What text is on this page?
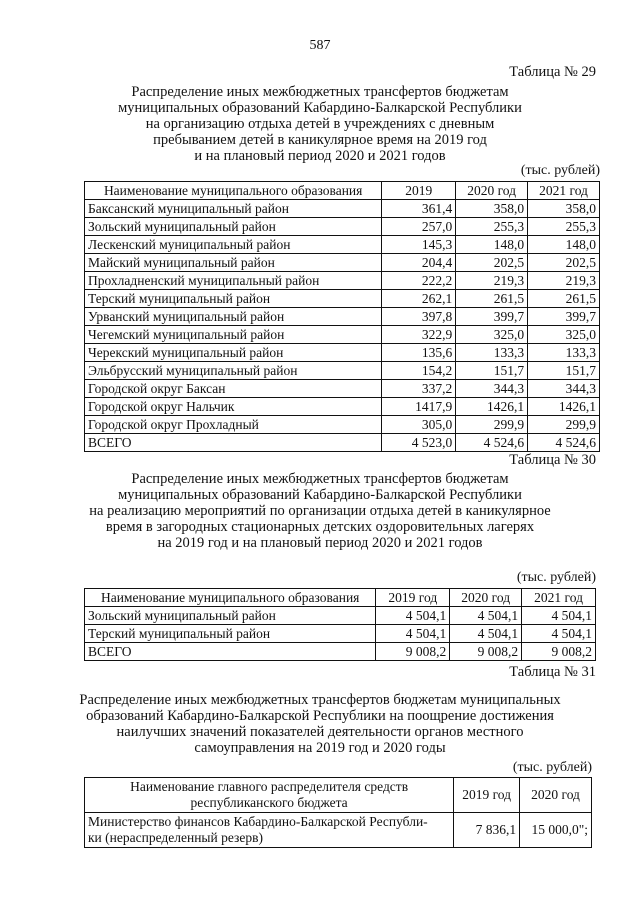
587
Таблица № 29
Распределение иных межбюджетных трансфертов бюджетам
муниципальных образований Кабардино-Балкарской Республики
на организацию отдыха детей в учреждениях с дневным
пребыванием детей в каникулярное время на 2019 год
и на плановый период 2020 и 2021 годов
(тыс. рублей)
Наименование муниципального образования	2019	2020 год	2021 год
Баксанский муниципальный район	361,4	358,0	358,0
Зольский муниципальный район	257,0	255,3	255,3
Лескенский муниципальный район	145,3	148,0	148,0
Майский муниципальный район	204,4	202,5	202,5
Прохладненский муниципальный район	222,2	219,3	219,3
Терский муниципальный район	262,1	261,5	261,5
Урванский муниципальный район	397,8	399,7	399,7
Чегемский муниципальный район	322,9	325,0	325,0
Черекский муниципальный район	135,6	133,3	133,3
Эльбрусский муниципальный район	154,2	151,7	151,7
Городской округ Баксан	337,2	344,3	344,3
Городской округ Нальчик	1417,9	1426,1	1426,1
Городской округ Прохладный	305,0	299,9	299,9
ВСЕГО	4 523,0	4 524,6	4 524,6
Таблица № 30
Распределение иных межбюджетных трансфертов бюджетам
муниципальных образований Кабардино-Балкарской Республики
на реализацию мероприятий по организации отдыха детей в каникулярное
время в загородных стационарных детских оздоровительных лагерях
на 2019 год и на плановый период 2020 и 2021 годов
(тыс. рублей)
Наименование муниципального образования	2019 год	2020 год	2021 год
Зольский муниципальный район	4 504,1	4 504,1	4 504,1
Терский муниципальный район	4 504,1	4 504,1	4 504,1
ВСЕГО	9 008,2	9 008,2	9 008,2
Таблица № 31
Распределение иных межбюджетных трансфертов бюджетам муниципальных
образований Кабардино-Балкарской Республики на поощрение достижения
наилучших значений показателей деятельности органов местного
самоуправления на 2019 год и 2020 годы
(тыс. рублей)
Наименование главного распределителя средств
республиканского бюджета	2019 год	2020 год

Министерство финансов Кабардино-Балкарской Республи-
ки (нераспределенный резерв)	7 836,1	15 000,0";
